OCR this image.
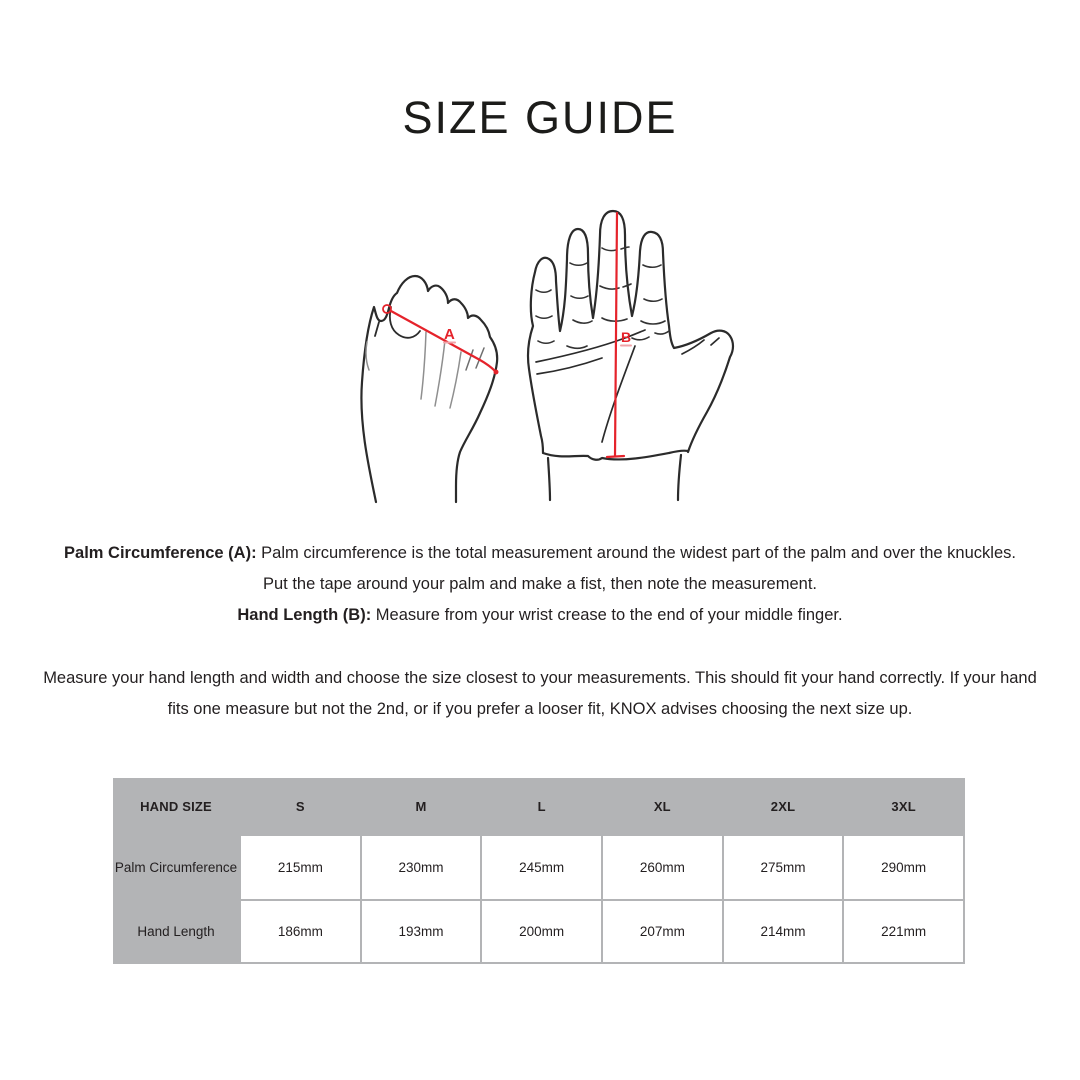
SIZE GUIDE
A	B
Palm Circumference (A): Palm circumference is the total measurement around the widest part of the palm and over the knuckles.
Put the tape around your palm and make a fist, then note the measurement.
Hand Length (B): Measure from your wrist crease to the end of your middle finger.
Measure your hand length and width and choose the size closest to your measurements. This should fit your hand correctly. If your hand
fits one measure but not the 2nd, or if you prefer a looser fit, KNOX advises choosing the next size up.
HAND SIZE	S	M	L	XL	2XL	3XL
Palm Circumference	215mm	230mm	245mm	260mm	275mm	290mm
Hand Length	186mm	193mm	200mm	207mm	214mm	221mm
